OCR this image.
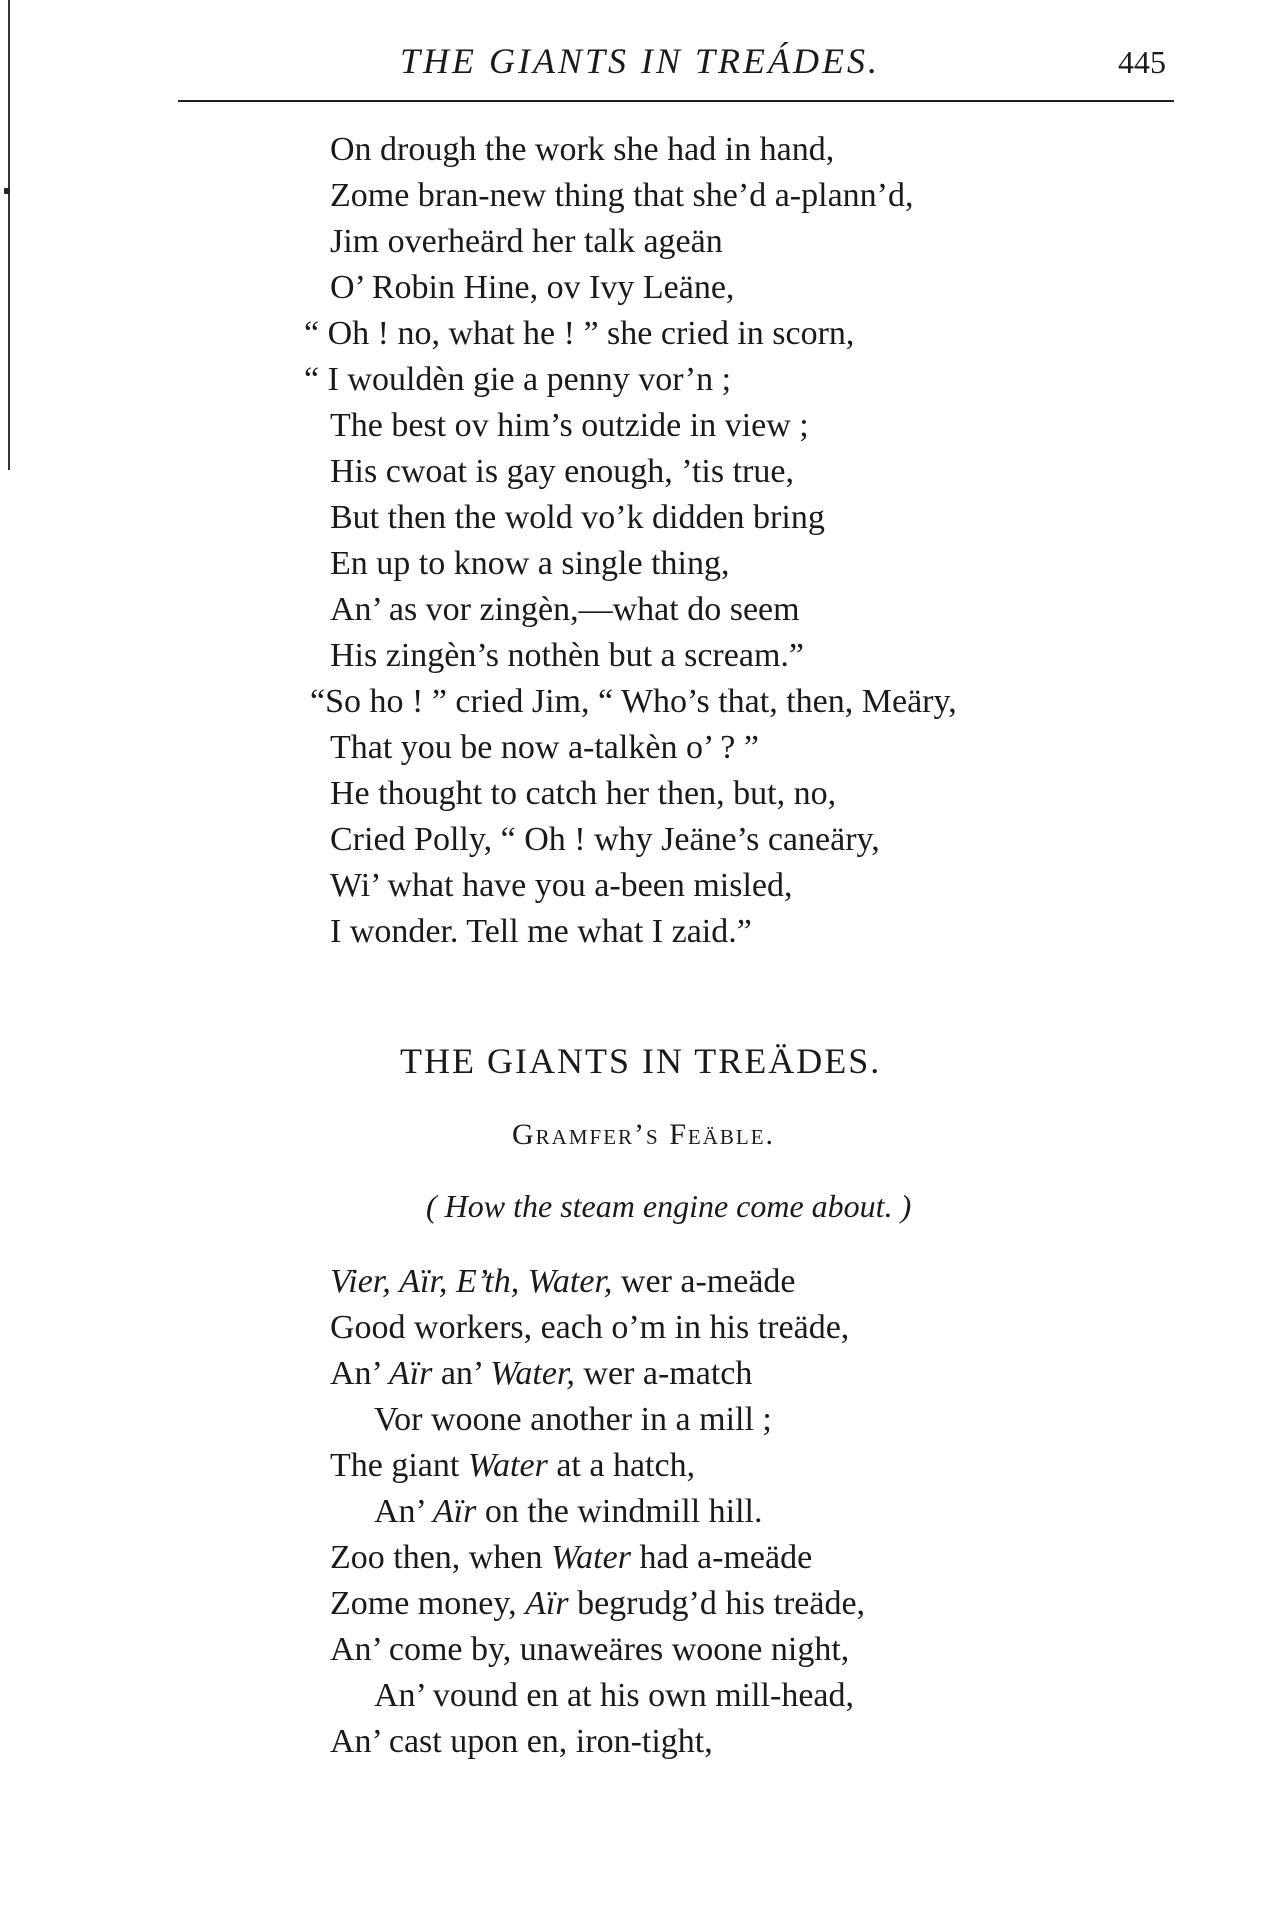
THE GIANTS IN TREÁDES.	445
On drough the work she had in hand,
Zome bran-new thing that she’d a-plann’d,
Jim overheärd her talk ageän
O’ Robin Hine, ov Ivy Leäne,
“ Oh ! no, what he ! ” she cried in scorn,
“ I wouldèn gie a penny vor’n ;
The best ov him’s outzide in view ;
His cwoat is gay enough, ’tis true,
But then the wold vo’k didden bring
En up to know a single thing,
An’ as vor zingèn,—what do seem
His zingèn’s nothèn but a scream.”
“So ho ! ” cried Jim, “ Who’s that, then, Meäry,
That you be now a-talkèn o’ ? ”
He thought to catch her then, but, no,
Cried Polly, “ Oh ! why Jeäne’s caneäry,
Wi’ what have you a-been misled,
I wonder. Tell me what I zaid.”
THE GIANTS IN TREÄDES.
Gramfer’s Feäble.
( How the steam engine come about. )
Vier, Aïr, E’th, Water, wer a-meäde
Good workers, each o’m in his treäde,
An’ Aïr an’ Water, wer a-match
Vor woone another in a mill ;
The giant Water at a hatch,
An’ Aïr on the windmill hill.
Zoo then, when Water had a-meäde
Zome money, Aïr begrudg’d his treäde,
An’ come by, unaweäres woone night,
An’ vound en at his own mill-head,
An’ cast upon en, iron-tight,
